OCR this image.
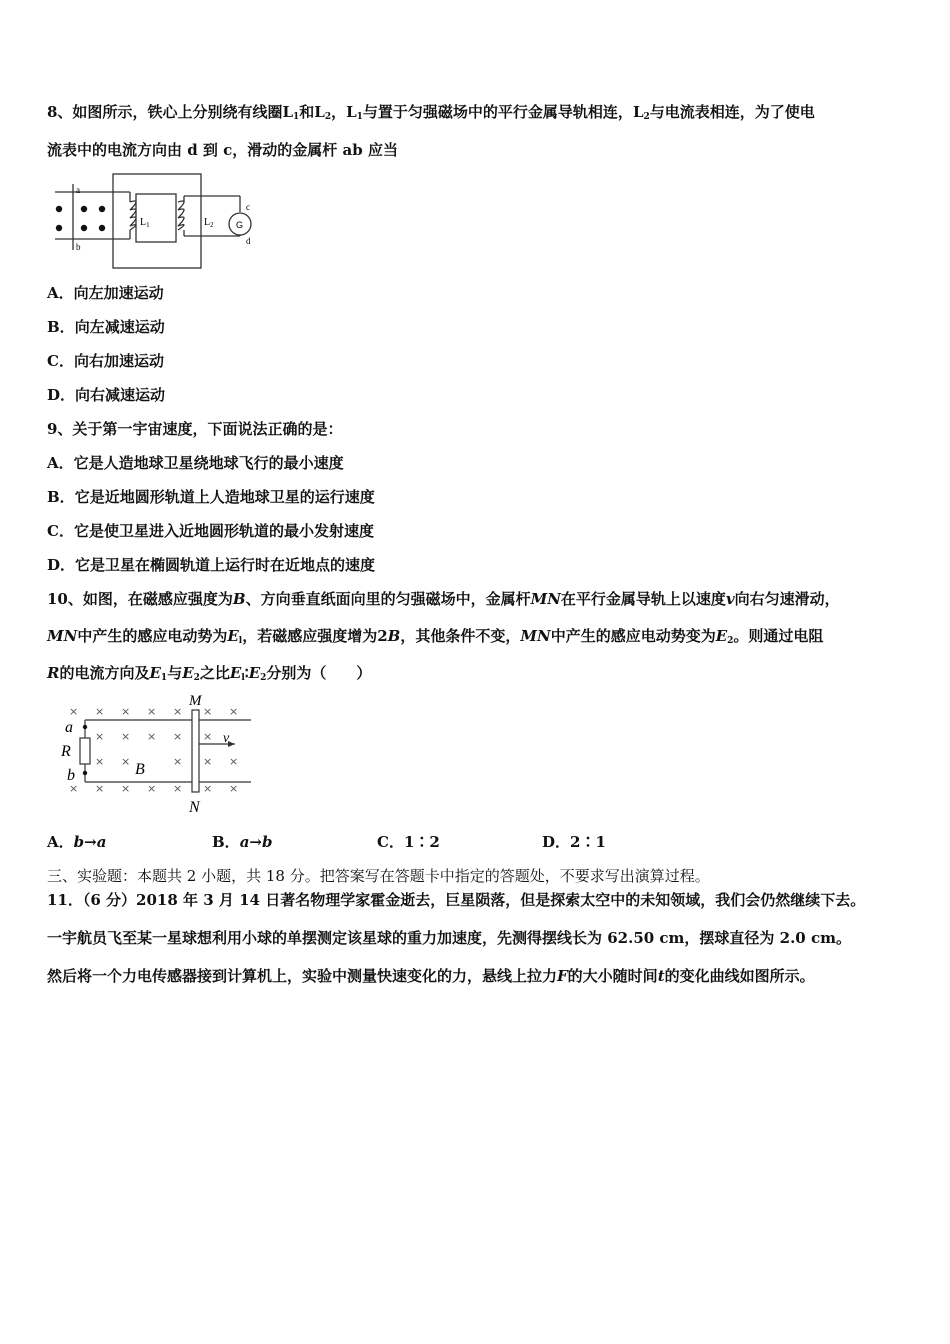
8、如图所示，铁心上分别绕有线圈$L_1$和$L_2$，$L_1$与置于匀强磁场中的平行金属导轨相连，$L_2$与电流表相连，为了使电
流表中的电流方向由 d 到 c，滑动的金属杆 ab 应当
a
b
$L_1$	$L_2$ G
c
d
A．向左加速运动
B．向左减速运动
C．向右加速运动
D．向右减速运动
9、关于第一宇宙速度，下面说法正确的是：
A．它是人造地球卫星绕地球飞行的最小速度
B．它是近地圆形轨道上人造地球卫星的运行速度
C．它是使卫星进入近地圆形轨道的最小发射速度
D．它是卫星在椭圆轨道上运行时在近地点的速度
10、如图，在磁感应强度为B、方向垂直纸面向里的匀强磁场中，金属杆MN在平行金属导轨上以速度v向右匀速滑动，
MN中产生的感应电动势为$E_l$，若磁感应强度增为2B，其他条件不变，MN中产生的感应电动势变为$E_2$。则通过电阻
R的电流方向及$E_1$与$E_2$之比$E_l∶E_2$分别为（　　）
× × × × × × ×
× × × × ×
× ×	× × ×
× × × × × × ×
a
R
b	B
M
N
v
A．b→a	B．a→b	C．1∶2	D．2∶1
三、实验题：本题共 2 小题，共 18 分。把答案写在答题卡中指定的答题处，不要求写出演算过程。
11．（6 分）2018 年 3 月 14 日著名物理学家霍金逝去，巨星陨落，但是探索太空中的未知领域，我们会仍然继续下去。
一宇航员飞至某一星球想利用小球的单摆测定该星球的重力加速度，先测得摆线长为 62.50 cm，摆球直径为 2.0 cm。
然后将一个力电传感器接到计算机上，实验中测量快速变化的力，悬线上拉力F的大小随时间t的变化曲线如图所示。
